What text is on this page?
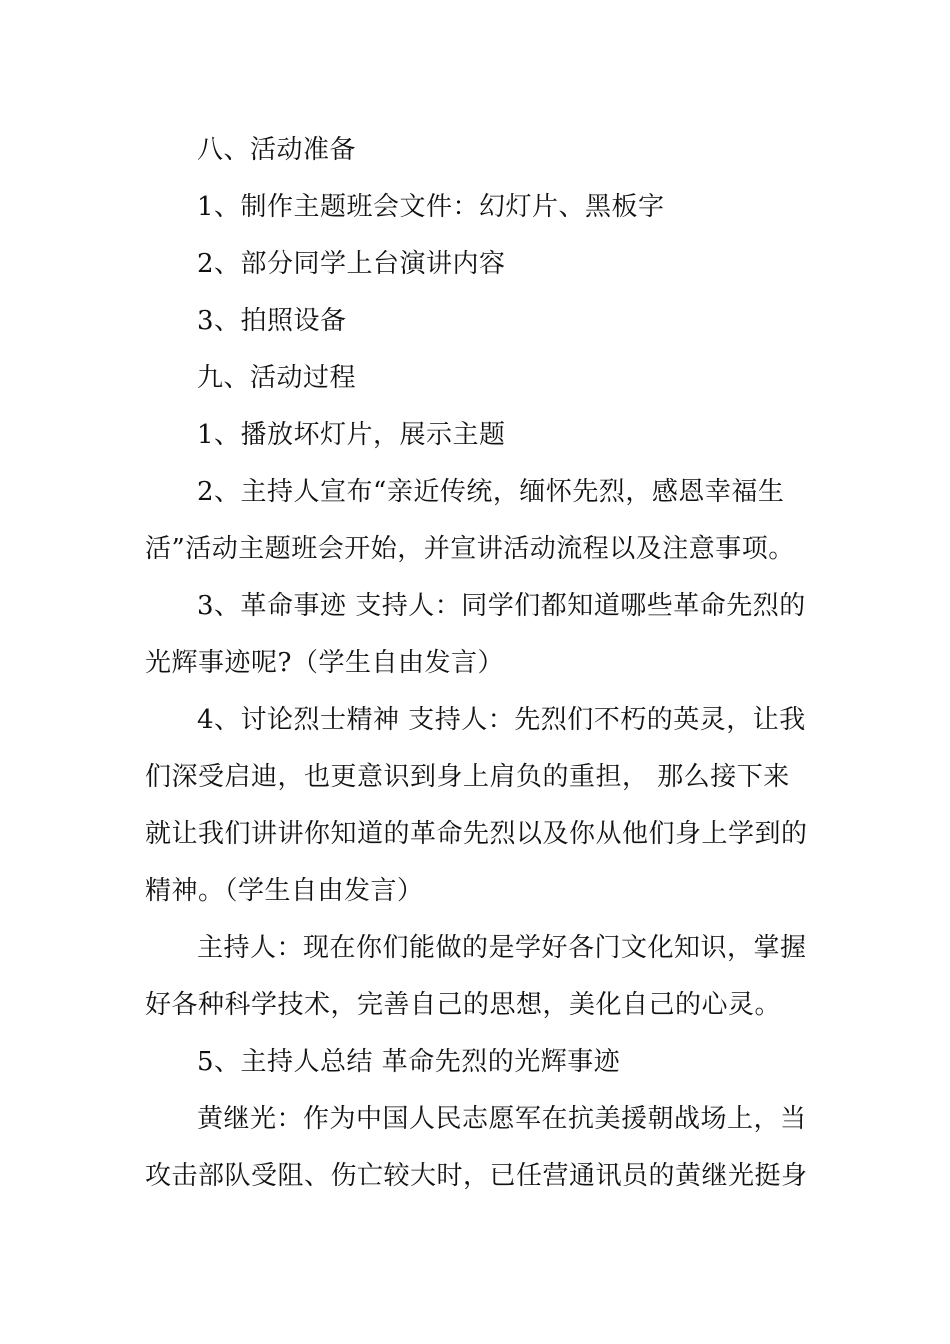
八、活动准备

1、制作主题班会文件：幻灯片、黑板字

2、部分同学上台演讲内容

3、拍照设备

九、活动过程

1、播放坏灯片，展示主题

2、主持人宣布“亲近传统，缅怀先烈，感恩幸福生活”活动主题班会开始，并宣讲活动流程以及注意事项。

3、革命事迹 支持人：同学们都知道哪些革命先烈的光辉事迹呢?（学生自由发言）

4、讨论烈士精神 支持人：先烈们不朽的英灵，让我们深受启迪，也更意识到身上肩负的重担， 那么接下来就让我们讲讲你知道的革命先烈以及你从他们身上学到的精神。（学生自由发言）

主持人：现在你们能做的是学好各门文化知识，掌握好各种科学技术，完善自己的思想，美化自己的心灵。

5、主持人总结 革命先烈的光辉事迹

黄继光：作为中国人民志愿军在抗美援朝战场上，当攻击部队受阻、伤亡较大时，已任营通讯员的黄继光挺身
